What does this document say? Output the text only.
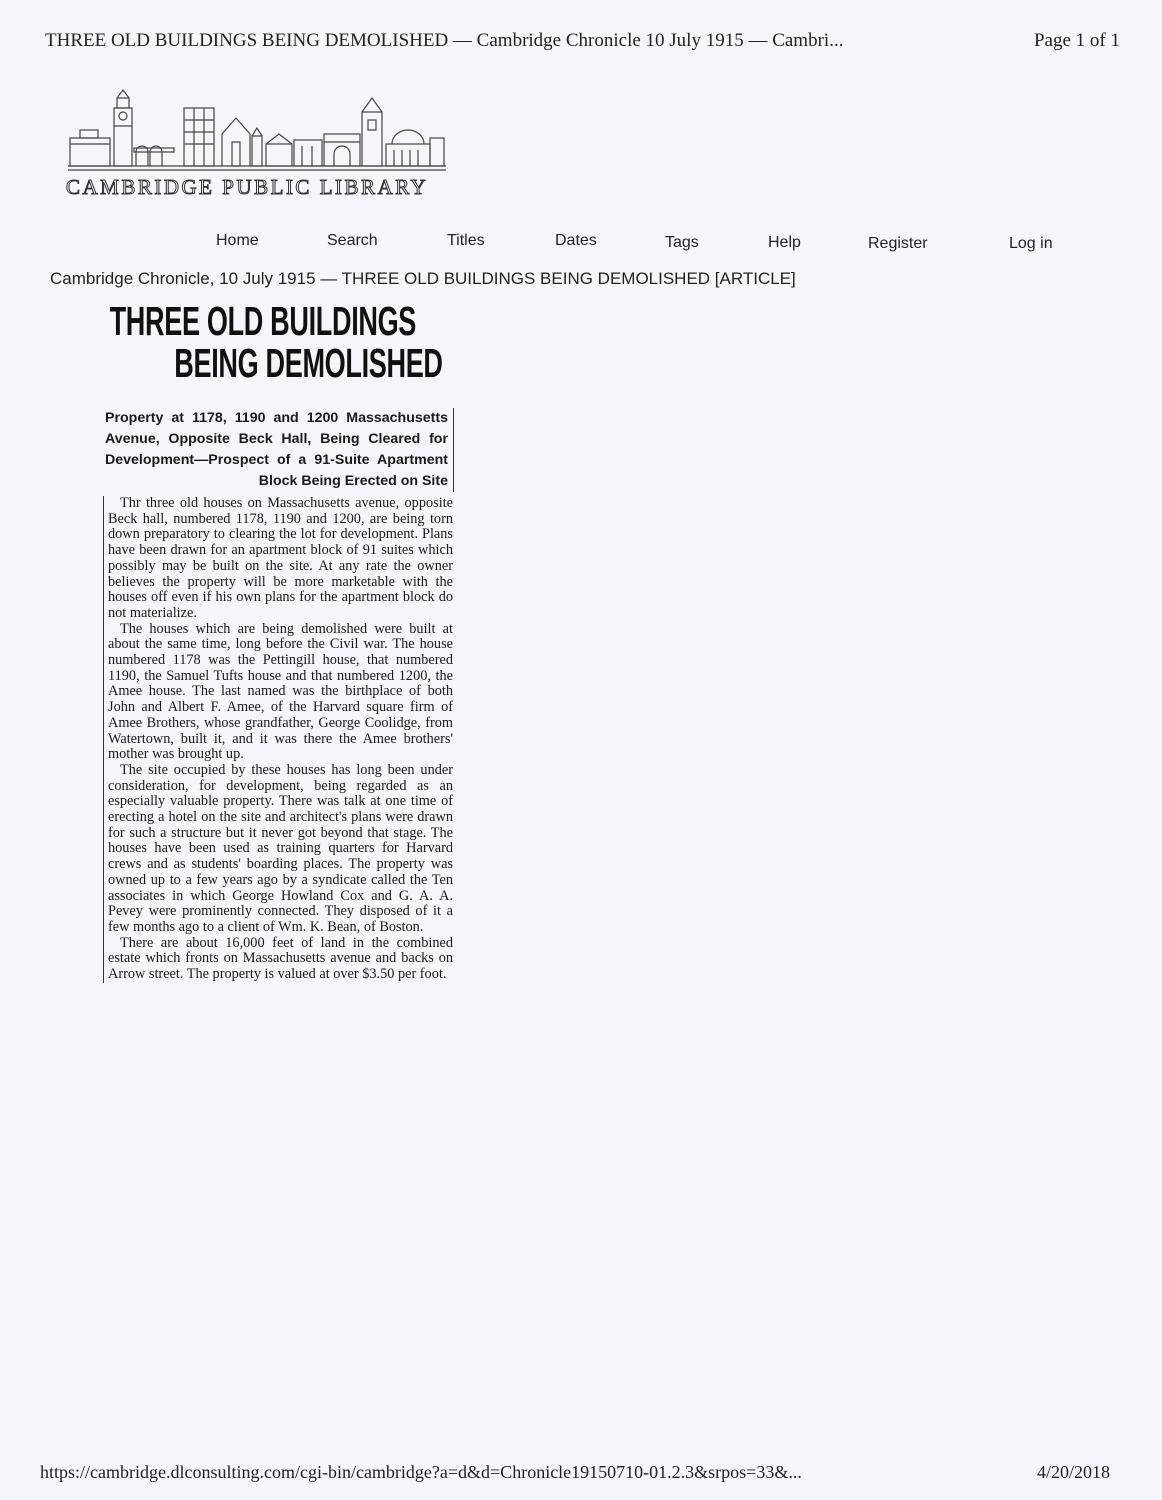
THREE OLD BUILDINGS BEING DEMOLISHED — Cambridge Chronicle 10 July 1915 — Cambri...	Page 1 of 1
CAMBRIDGE PUBLIC LIBRARY
Home	Search	Titles	Dates	Tags	Help	Register	Log in
Cambridge Chronicle, 10 July 1915 — THREE OLD BUILDINGS BEING DEMOLISHED [ARTICLE]
THREE OLD BUILDINGS
BEING DEMOLISHED
Property at 1178, 1190 and 1200 Massachusetts Avenue, Opposite Beck Hall, Being Cleared for Development—Prospect of a 91-Suite Apartment Block Being Erected on Site

Thr three old houses on Massachusetts avenue, opposite Beck hall, numbered 1178, 1190 and 1200, are being torn down preparatory to clearing the lot for development. Plans have been drawn for an apartment block of 91 suites which possibly may be built on the site. At any rate the owner believes the property will be more marketable with the houses off even if his own plans for the apartment block do not materialize.

The houses which are being demolished were built at about the same time, long before the Civil war. The house numbered 1178 was the Pettingill house, that numbered 1190, the Samuel Tufts house and that numbered 1200, the Amee house. The last named was the birthplace of both John and Albert F. Amee, of the Harvard square firm of Amee Brothers, whose grandfather, George Coolidge, from Watertown, built it, and it was there the Amee brothers' mother was brought up.

The site occupied by these houses has long been under consideration, for development, being regarded as an especially valuable property. There was talk at one time of erecting a hotel on the site and architect's plans were drawn for such a structure but it never got beyond that stage. The houses have been used as training quarters for Harvard crews and as students' boarding places. The property was owned up to a few years ago by a syndicate called the Ten associates in which George Howland Cox and G. A. A. Pevey were prominently connected. They disposed of it a few months ago to a client of Wm. K. Bean, of Boston.

There are about 16,000 feet of land in the combined estate which fronts on Massachusetts avenue and backs on Arrow street. The property is valued at over $3.50 per foot.

https://cambridge.dlconsulting.com/cgi-bin/cambridge?a=d&d=Chronicle19150710-01.2.3&srpos=33&...	4/20/2018
